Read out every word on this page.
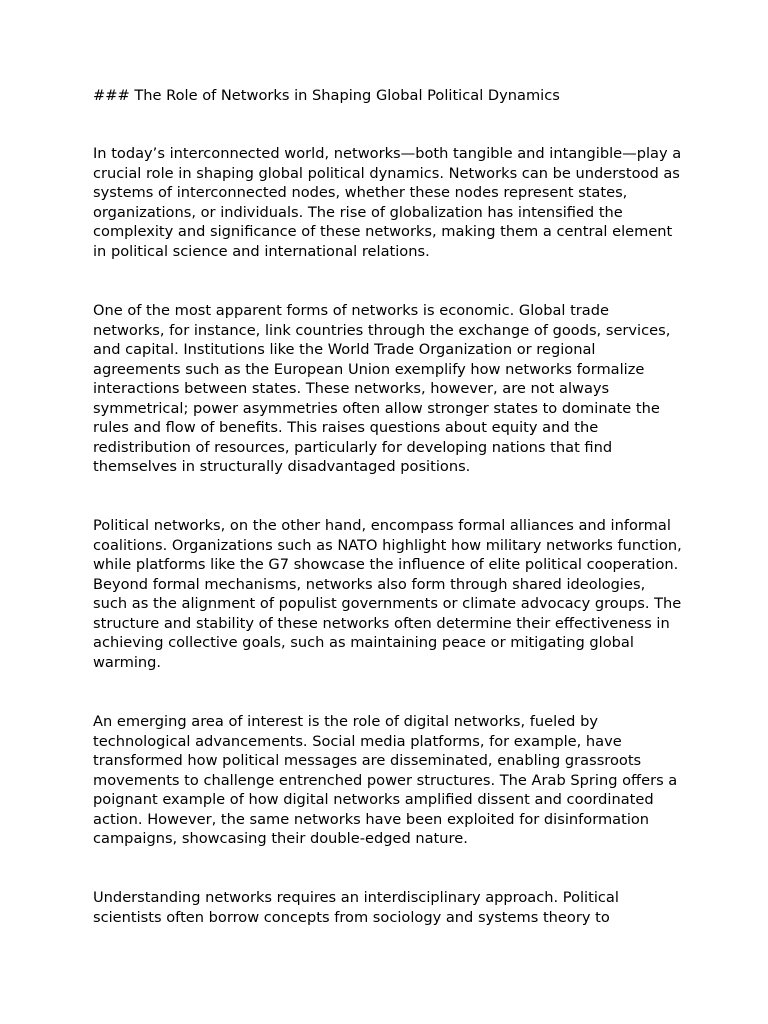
### The Role of Networks in Shaping Global Political Dynamics

In today’s interconnected world, networks—both tangible and intangible—play a crucial role in shaping global political dynamics. Networks can be understood as systems of interconnected nodes, whether these nodes represent states, organizations, or individuals. The rise of globalization has intensified the complexity and significance of these networks, making them a central element in political science and international relations.

One of the most apparent forms of networks is economic. Global trade networks, for instance, link countries through the exchange of goods, services, and capital. Institutions like the World Trade Organization or regional agreements such as the European Union exemplify how networks formalize interactions between states. These networks, however, are not always symmetrical; power asymmetries often allow stronger states to dominate the rules and flow of benefits. This raises questions about equity and the redistribution of resources, particularly for developing nations that find themselves in structurally disadvantaged positions.

Political networks, on the other hand, encompass formal alliances and informal coalitions. Organizations such as NATO highlight how military networks function, while platforms like the G7 showcase the influence of elite political cooperation. Beyond formal mechanisms, networks also form through shared ideologies, such as the alignment of populist governments or climate advocacy groups. The structure and stability of these networks often determine their effectiveness in achieving collective goals, such as maintaining peace or mitigating global warming.

An emerging area of interest is the role of digital networks, fueled by technological advancements. Social media platforms, for example, have transformed how political messages are disseminated, enabling grassroots movements to challenge entrenched power structures. The Arab Spring offers a poignant example of how digital networks amplified dissent and coordinated action. However, the same networks have been exploited for disinformation campaigns, showcasing their double-edged nature.

Understanding networks requires an interdisciplinary approach. Political scientists often borrow concepts from sociology and systems theory to
